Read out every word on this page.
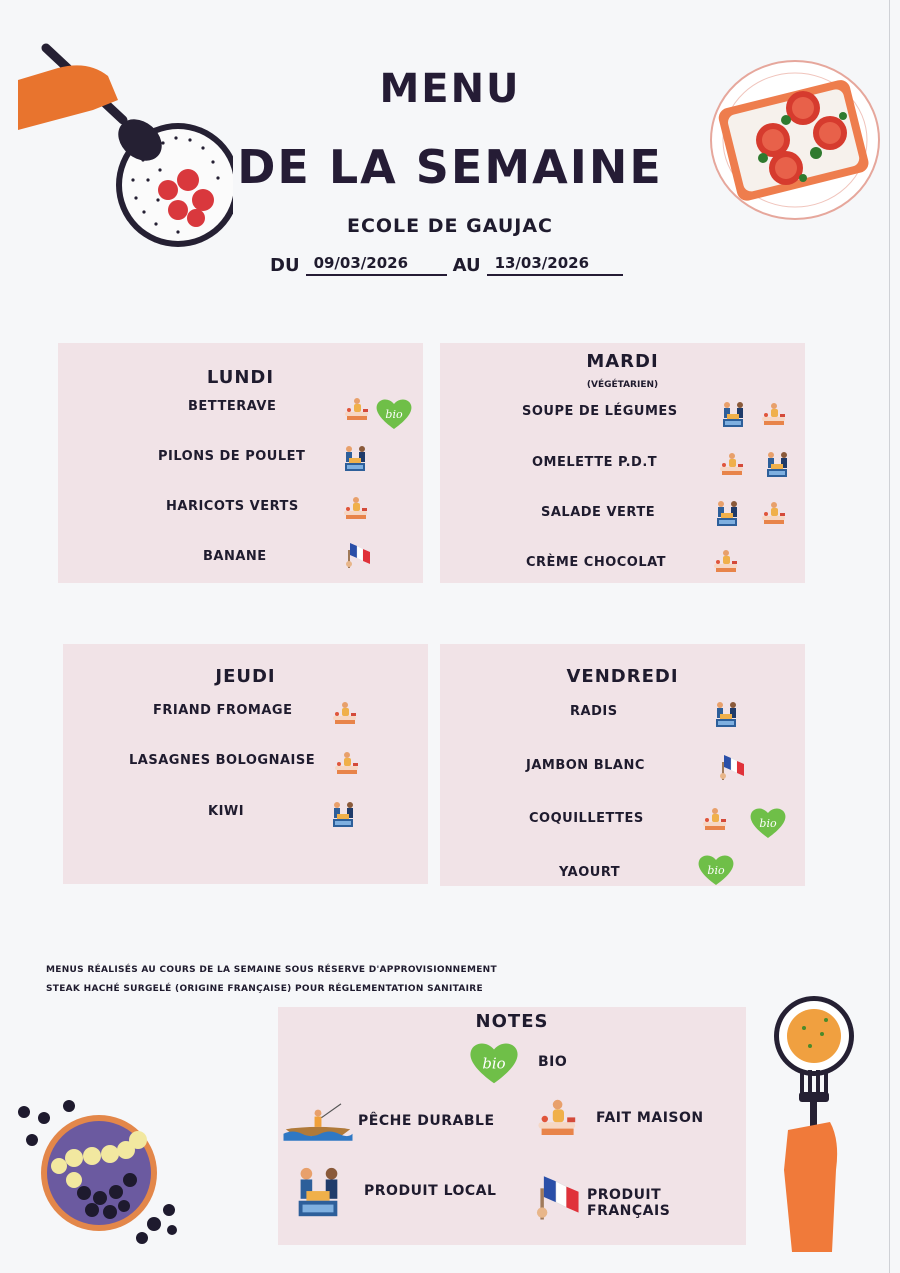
MENU
DE LA SEMAINE
ECOLE DE GAUJAC
DU 09/03/2026	AU 13/03/2026
LUNDI
BETTERAVE
PILONS DE POULET
HARICOTS VERTS
BANANE
MARDI
(VÉGÉTARIEN)
SOUPE DE LÉGUMES
OMELETTE P.D.T
SALADE VERTE
CRÈME CHOCOLAT
JEUDI
FRIAND FROMAGE
LASAGNES BOLOGNAISE
KIWI
VENDREDI
RADIS
JAMBON BLANC
COQUILLETTES
YAOURT
MENUS RÉALISÉS AU COURS DE LA SEMAINE SOUS RÉSERVE D'APPROVISIONNEMENT
STEAK HACHÉ SURGELÉ (ORIGINE FRANÇAISE) POUR RÉGLEMENTATION SANITAIRE
NOTES
BIO
PÊCHE DURABLE	FAIT MAISON
PRODUIT LOCAL	PRODUIT FRANÇAIS
